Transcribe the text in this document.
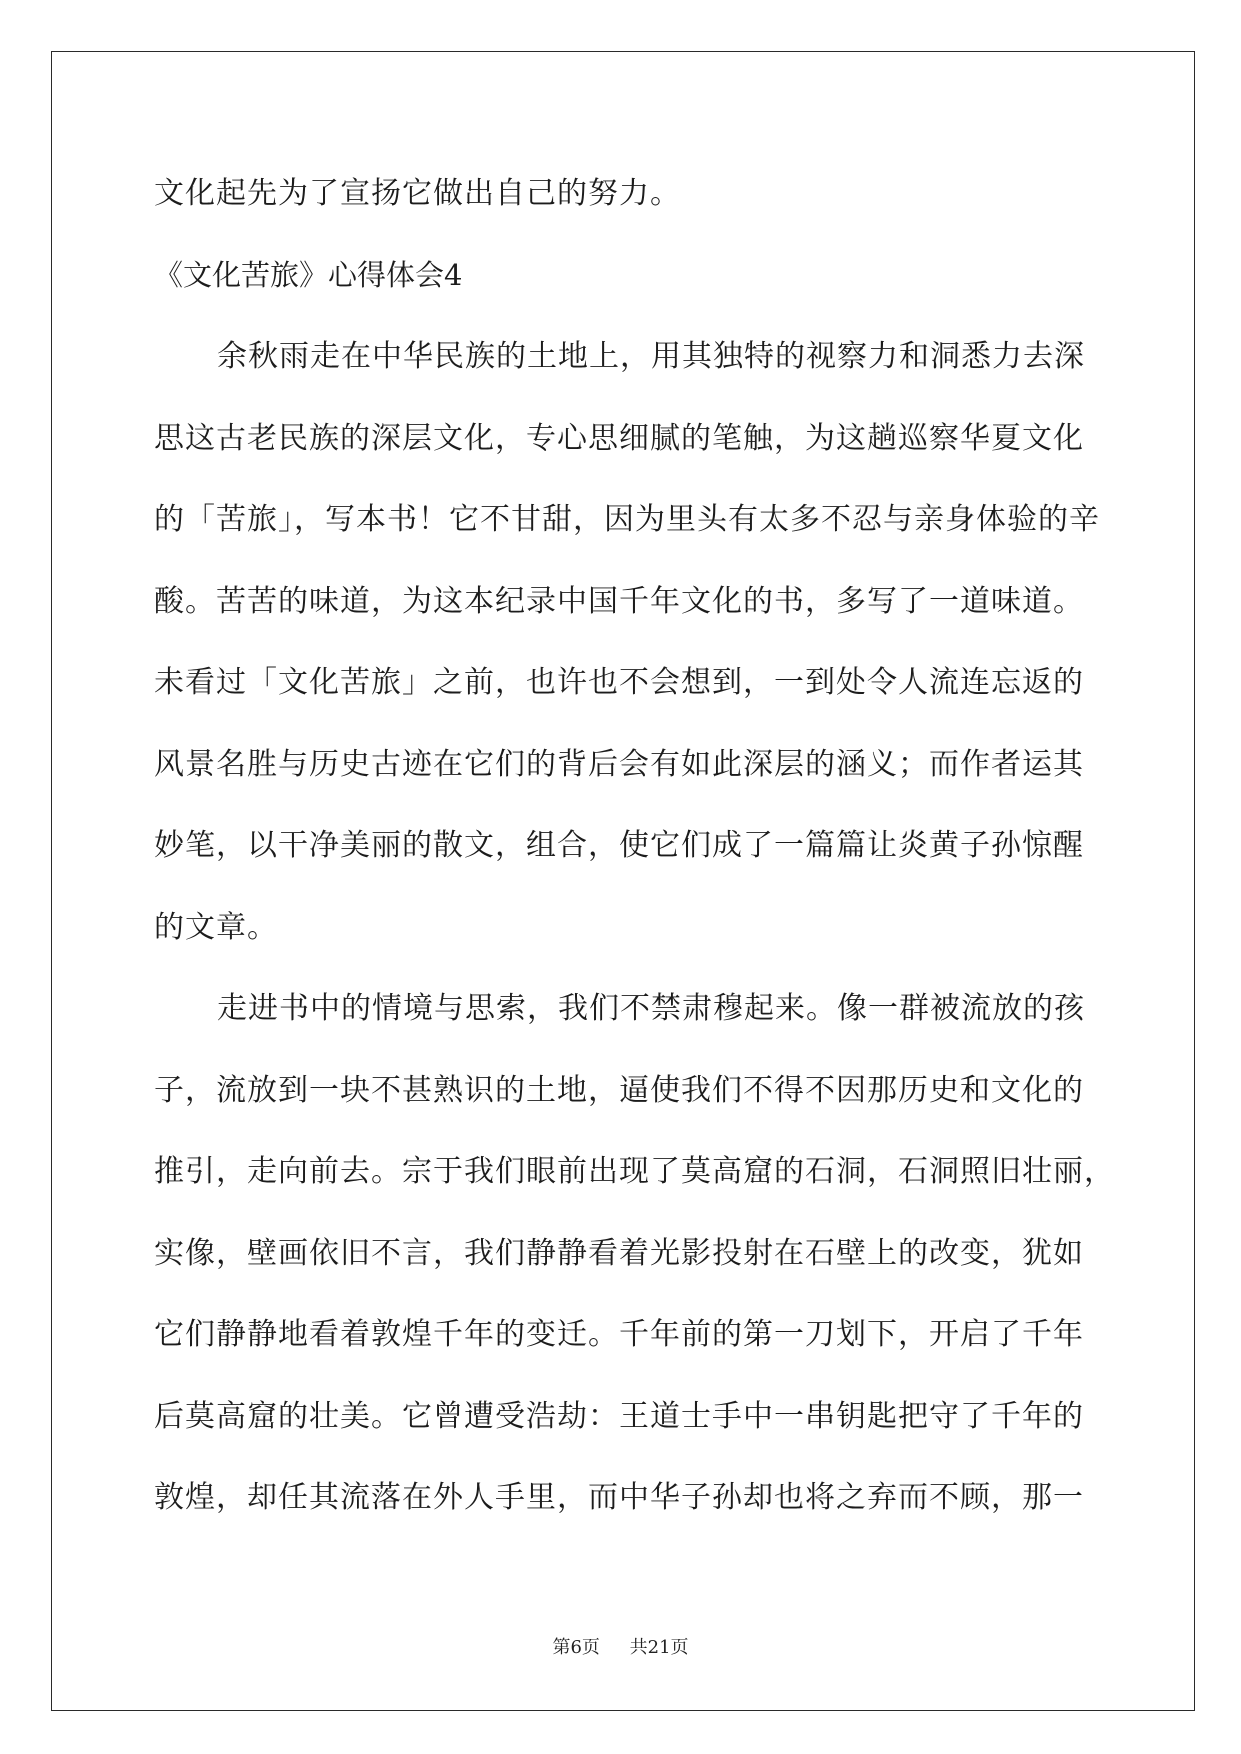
文化起先为了宣扬它做出自己的努力。
《文化苦旅》心得体会4
余秋雨走在中华民族的土地上，用其独特的视察力和洞悉力去深
思这古老民族的深层文化，专心思细腻的笔触，为这趟巡察华夏文化
的「苦旅」，写本书！它不甘甜，因为里头有太多不忍与亲身体验的辛
酸。苦苦的味道，为这本纪录中国千年文化的书，多写了一道味道。
未看过「文化苦旅」之前，也许也不会想到，一到处令人流连忘返的
风景名胜与历史古迹在它们的背后会有如此深层的涵义；而作者运其
妙笔，以干净美丽的散文，组合，使它们成了一篇篇让炎黄子孙惊醒
的文章。
走进书中的情境与思索，我们不禁肃穆起来。像一群被流放的孩
子，流放到一块不甚熟识的土地，逼使我们不得不因那历史和文化的
推引，走向前去。宗于我们眼前出现了莫高窟的石洞，石洞照旧壮丽，
实像，壁画依旧不言，我们静静看着光影投射在石壁上的改变，犹如
它们静静地看着敦煌千年的变迁。千年前的第一刀划下，开启了千年
后莫高窟的壮美。它曾遭受浩劫：王道士手中一串钥匙把守了千年的
敦煌，却任其流落在外人手里，而中华子孙却也将之弃而不顾，那一
第6页 共21页
